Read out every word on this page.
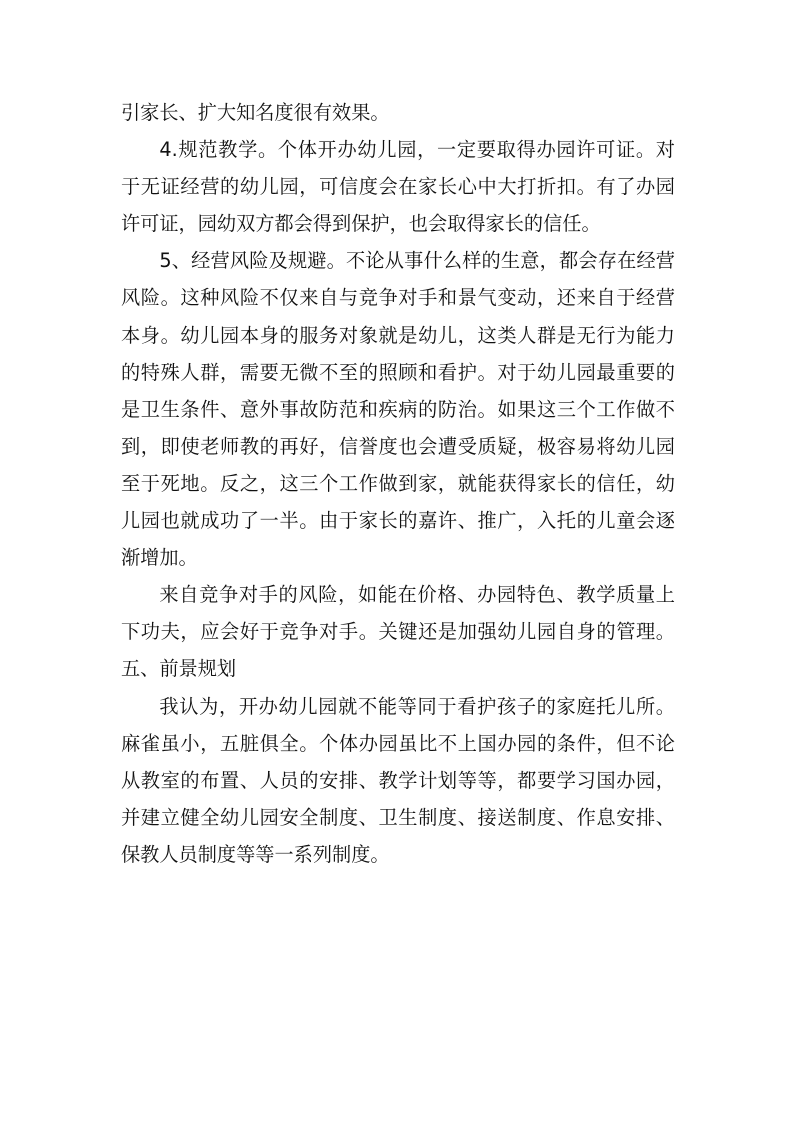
引家长、扩大知名度很有效果。

4.规范教学。个体开办幼儿园，一定要取得办园许可证。对于无证经营的幼儿园，可信度会在家长心中大打折扣。有了办园许可证，园幼双方都会得到保护，也会取得家长的信任。

5、经营风险及规避。不论从事什么样的生意，都会存在经营风险。这种风险不仅来自与竞争对手和景气变动，还来自于经营本身。幼儿园本身的服务对象就是幼儿，这类人群是无行为能力的特殊人群，需要无微不至的照顾和看护。对于幼儿园最重要的是卫生条件、意外事故防范和疾病的防治。如果这三个工作做不到，即使老师教的再好，信誉度也会遭受质疑，极容易将幼儿园至于死地。反之，这三个工作做到家，就能获得家长的信任，幼儿园也就成功了一半。由于家长的嘉许、推广，入托的儿童会逐渐增加。

来自竞争对手的风险，如能在价格、办园特色、教学质量上下功夫，应会好于竞争对手。关键还是加强幼儿园自身的管理。 五、前景规划

我认为，开办幼儿园就不能等同于看护孩子的家庭托儿所。麻雀虽小，五脏俱全。个体办园虽比不上国办园的条件，但不论从教室的布置、人员的安排、教学计划等等，都要学习国办园，并建立健全幼儿园安全制度、卫生制度、接送制度、作息安排、保教人员制度等等一系列制度。
